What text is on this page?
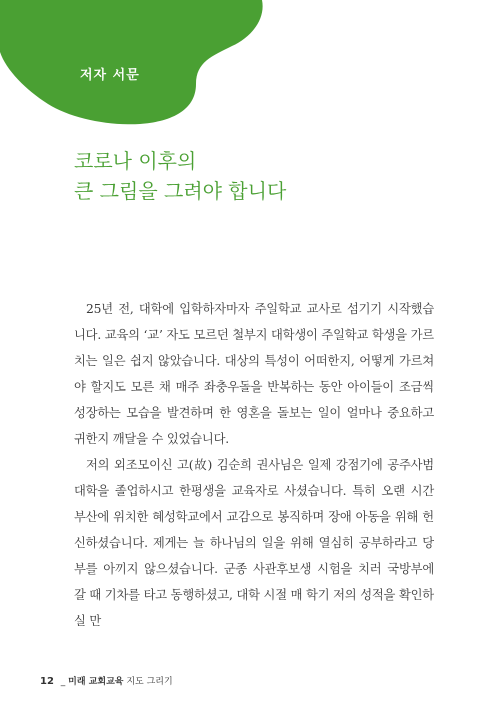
저자 서문
코로나 이후의
큰 그림을 그려야 합니다

25년 전, 대학에 입학하자마자 주일학교 교사로 섬기기 시작했습니다. 교육의 ‘교’ 자도 모르던 철부지 대학생이 주일학교 학생을 가르치는 일은 쉽지 않았습니다. 대상의 특성이 어떠한지, 어떻게 가르쳐야 할지도 모른 채 매주 좌충우돌을 반복하는 동안 아이들이 조금씩 성장하는 모습을 발견하며 한 영혼을 돌보는 일이 얼마나 중요하고 귀한지 깨달을 수 있었습니다.

저의 외조모이신 고(故) 김순희 권사님은 일제 강점기에 공주사범대학을 졸업하시고 한평생을 교육자로 사셨습니다. 특히 오랜 시간 부산에 위치한 혜성학교에서 교감으로 봉직하며 장애 아동을 위해 헌신하셨습니다. 제게는 늘 하나님의 일을 위해 열심히 공부하라고 당부를 아끼지 않으셨습니다. 군종 사관후보생 시험을 치러 국방부에 갈 때 기차를 타고 동행하셨고, 대학 시절 매 학기 저의 성적을 확인하실 만

12 _ 미래 교회교육 지도 그리기
